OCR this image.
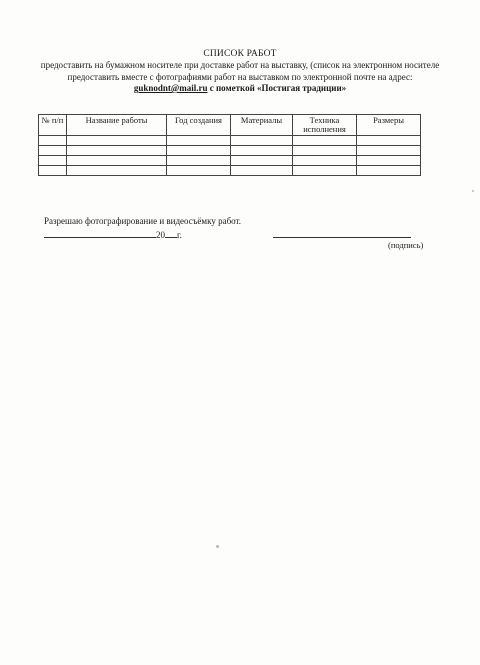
СПИСОК РАБОТ
предоставить на бумажном носителе при доставке работ на выставку, (список на электронном носителе предоставить вместе с фотографиями работ на выставком по электронной почте на адрес: guknodnt@mail.ru с пометкой «Постигая традиции»
№ п/п	Название работы	Год создания	Материалы	Техника исполнения	Размеры

Разрешаю фотографирование и видеосъёмку работ.
20 г.
(подпись)
